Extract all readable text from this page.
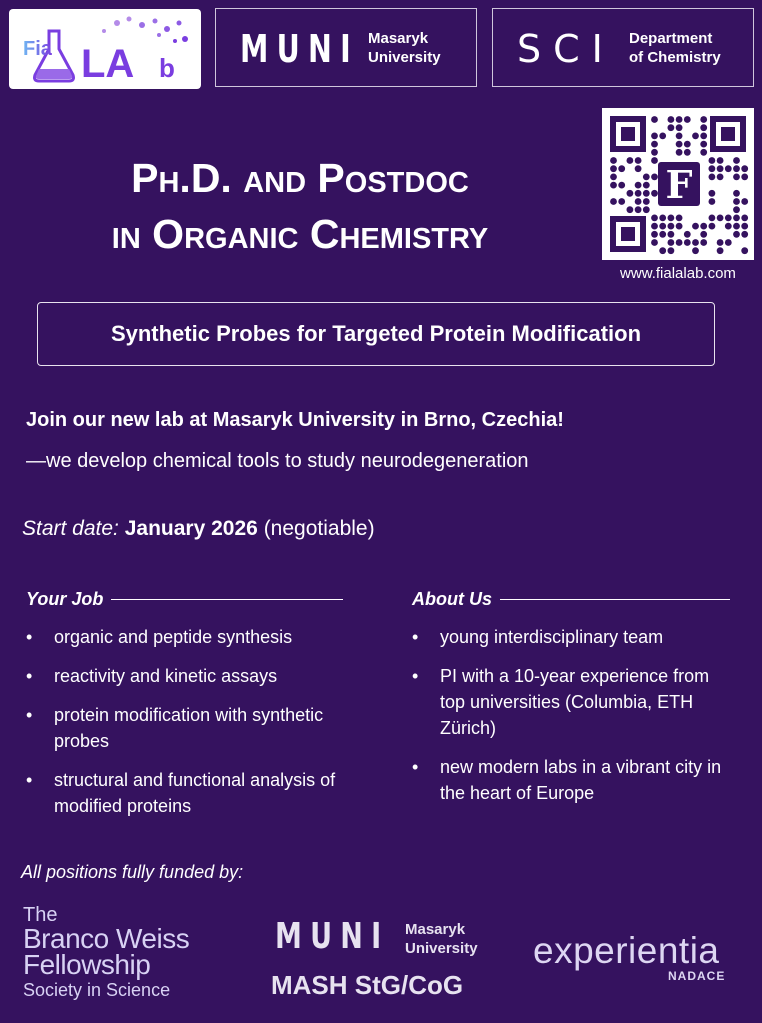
Fia LA b MUNI Masaryk
University SCI Department
of Chemistry
Ph.D. and Postdoc
in Organic Chemistry
F
www.fialalab.com
Synthetic Probes for Targeted Protein Modification
Join our new lab at Masaryk University in Brno, Czechia!
—we develop chemical tools to study neurodegeneration
Start date: January 2026 (negotiable)
Your Job
• organic and peptide synthesis
• reactivity and kinetic assays
• protein modification with synthetic probes
• structural and functional analysis of modified proteins
About Us
• young interdisciplinary team
• PI with a 10-year experience from top universities (Columbia, ETH Zürich)
• new modern labs in a vibrant city in the heart of Europe
All positions fully funded by:
The
Branco Weiss
Fellowship
Society in Science
MUNI Masaryk
University
MASH StG/CoG
experientia
NADACE
